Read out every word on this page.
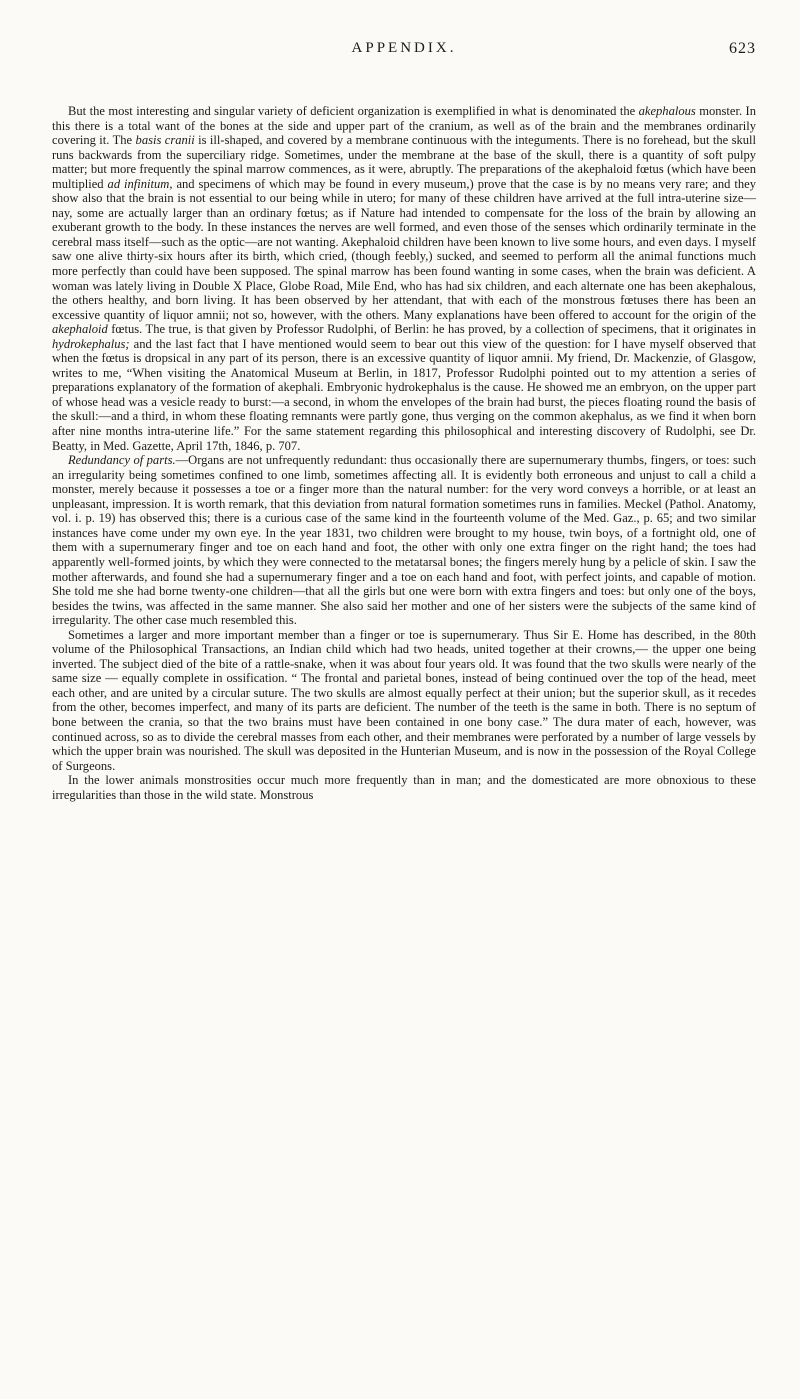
APPENDIX.	623

But the most interesting and singular variety of deficient organization is exemplified in what is denominated the akephalous monster. In this there is a total want of the bones at the side and upper part of the cranium, as well as of the brain and the membranes ordinarily covering it. The basis cranii is ill-shaped, and covered by a membrane continuous with the integuments. There is no forehead, but the skull runs backwards from the superciliary ridge. Sometimes, under the membrane at the base of the skull, there is a quantity of soft pulpy matter; but more frequently the spinal marrow commences, as it were, abruptly. The preparations of the akephaloid fœtus (which have been multiplied ad infinitum, and specimens of which may be found in every museum,) prove that the case is by no means very rare; and they show also that the brain is not essential to our being while in utero; for many of these children have arrived at the full intra-uterine size—nay, some are actually larger than an ordinary fœtus; as if Nature had intended to compensate for the loss of the brain by allowing an exuberant growth to the body. In these instances the nerves are well formed, and even those of the senses which ordinarily terminate in the cerebral mass itself—such as the optic—are not wanting. Akephaloid children have been known to live some hours, and even days. I myself saw one alive thirty-six hours after its birth, which cried, (though feebly,) sucked, and seemed to perform all the animal functions much more perfectly than could have been supposed. The spinal marrow has been found wanting in some cases, when the brain was deficient. A woman was lately living in Double X Place, Globe Road, Mile End, who has had six children, and each alternate one has been akephalous, the others healthy, and born living. It has been observed by her attendant, that with each of the monstrous fœtuses there has been an excessive quantity of liquor amnii; not so, however, with the others. Many explanations have been offered to account for the origin of the akephaloid fœtus. The true, is that given by Professor Rudolphi, of Berlin: he has proved, by a collection of specimens, that it originates in hydrokephalus; and the last fact that I have mentioned would seem to bear out this view of the question: for I have myself observed that when the fœtus is dropsical in any part of its person, there is an excessive quantity of liquor amnii. My friend, Dr. Mackenzie, of Glasgow, writes to me, “When visiting the Anatomical Museum at Berlin, in 1817, Professor Rudolphi pointed out to my attention a series of preparations explanatory of the formation of akephali. Embryonic hydrokephalus is the cause. He showed me an embryon, on the upper part of whose head was a vesicle ready to burst:—a second, in whom the envelopes of the brain had burst, the pieces floating round the basis of the skull:—and a third, in whom these floating remnants were partly gone, thus verging on the common akephalus, as we find it when born after nine months intra-uterine life.” For the same statement regarding this philosophical and interesting discovery of Rudolphi, see Dr. Beatty, in Med. Gazette, April 17th, 1846, p. 707.

Redundancy of parts.—Organs are not unfrequently redundant: thus occasionally there are supernumerary thumbs, fingers, or toes: such an irregularity being sometimes confined to one limb, sometimes affecting all. It is evidently both erroneous and unjust to call a child a monster, merely because it possesses a toe or a finger more than the natural number: for the very word conveys a horrible, or at least an unpleasant, impression. It is worth remark, that this deviation from natural formation sometimes runs in families. Meckel (Pathol. Anatomy, vol. i. p. 19) has observed this; there is a curious case of the same kind in the fourteenth volume of the Med. Gaz., p. 65; and two similar instances have come under my own eye. In the year 1831, two children were brought to my house, twin boys, of a fortnight old, one of them with a supernumerary finger and toe on each hand and foot, the other with only one extra finger on the right hand; the toes had apparently well-formed joints, by which they were connected to the metatarsal bones; the fingers merely hung by a pelicle of skin. I saw the mother afterwards, and found she had a supernumerary finger and a toe on each hand and foot, with perfect joints, and capable of motion. She told me she had borne twenty-one children—that all the girls but one were born with extra fingers and toes: but only one of the boys, besides the twins, was affected in the same manner. She also said her mother and one of her sisters were the subjects of the same kind of irregularity. The other case much resembled this.

Sometimes a larger and more important member than a finger or toe is supernumerary. Thus Sir E. Home has described, in the 80th volume of the Philosophical Transactions, an Indian child which had two heads, united together at their crowns,— the upper one being inverted. The subject died of the bite of a rattle-snake, when it was about four years old. It was found that the two skulls were nearly of the same size — equally complete in ossification. “ The frontal and parietal bones, instead of being continued over the top of the head, meet each other, and are united by a circular suture. The two skulls are almost equally perfect at their union; but the superior skull, as it recedes from the other, becomes imperfect, and many of its parts are deficient. The number of the teeth is the same in both. There is no septum of bone between the crania, so that the two brains must have been contained in one bony case.” The dura mater of each, however, was continued across, so as to divide the cerebral masses from each other, and their membranes were perforated by a number of large vessels by which the upper brain was nourished. The skull was deposited in the Hunterian Museum, and is now in the possession of the Royal College of Surgeons.

In the lower animals monstrosities occur much more frequently than in man; and the domesticated are more obnoxious to these irregularities than those in the wild state. Monstrous
